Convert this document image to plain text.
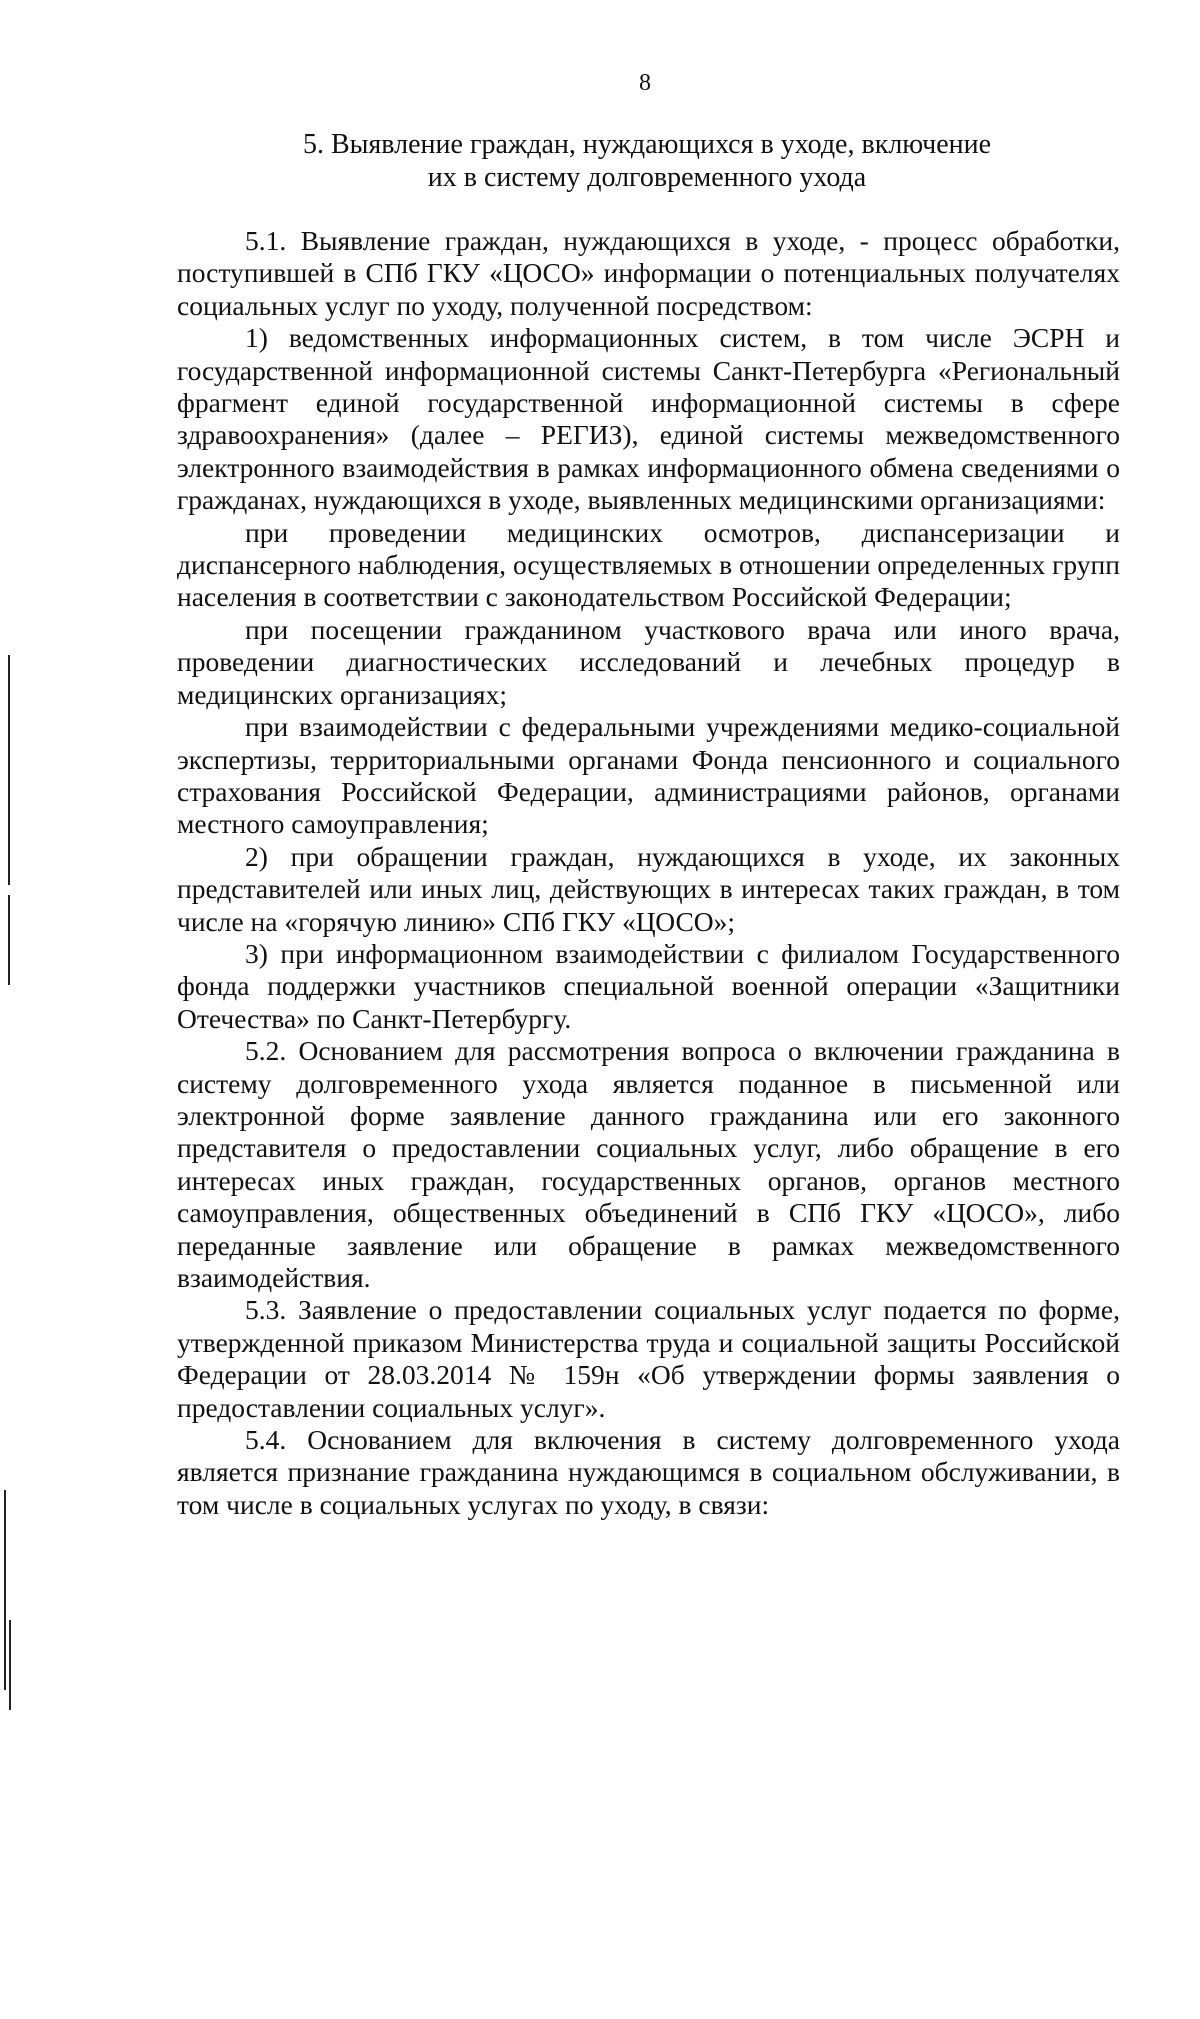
8
5. Выявление граждан, нуждающихся в уходе, включение
их в систему долговременного ухода

5.1. Выявление граждан, нуждающихся в уходе, - процесс обработки, поступившей в СПб ГКУ «ЦОСО» информации о потенциальных получателях социальных услуг по уходу, полученной посредством:

1) ведомственных информационных систем, в том числе ЭСРН и государственной информационной системы Санкт-Петербурга «Региональный фрагмент единой государственной информационной системы в сфере здравоохранения» (далее – РЕГИЗ), единой системы межведомственного электронного взаимодействия в рамках информационного обмена сведениями о гражданах, нуждающихся в уходе, выявленных медицинскими организациями:

при проведении медицинских осмотров, диспансеризации и диспансерного наблюдения, осуществляемых в отношении определенных групп населения в соответствии с законодательством Российской Федерации;

при посещении гражданином участкового врача или иного врача, проведении диагностических исследований и лечебных процедур в медицинских организациях;

при взаимодействии с федеральными учреждениями медико-социальной экспертизы, территориальными органами Фонда пенсионного и социального страхования Российской Федерации, администрациями районов, органами местного самоуправления;

2) при обращении граждан, нуждающихся в уходе, их законных представителей или иных лиц, действующих в интересах таких граждан, в том числе на «горячую линию» СПб ГКУ «ЦОСО»;

3) при информационном взаимодействии с филиалом Государственного фонда поддержки участников специальной военной операции «Защитники Отечества» по Санкт-Петербургу.

5.2. Основанием для рассмотрения вопроса о включении гражданина в систему долговременного ухода является поданное в письменной или электронной форме заявление данного гражданина или его законного представителя о предоставлении социальных услуг, либо обращение в его интересах иных граждан, государственных органов, органов местного самоуправления, общественных объединений в СПб ГКУ «ЦОСО», либо переданные заявление или обращение в рамках межведомственного взаимодействия.

5.3. Заявление о предоставлении социальных услуг подается по форме, утвержденной приказом Министерства труда и социальной защиты Российской Федерации от 28.03.2014 № 159н «Об утверждении формы заявления о предоставлении социальных услуг».

5.4. Основанием для включения в систему долговременного ухода является признание гражданина нуждающимся в социальном обслуживании, в том числе в социальных услугах по уходу, в связи:
